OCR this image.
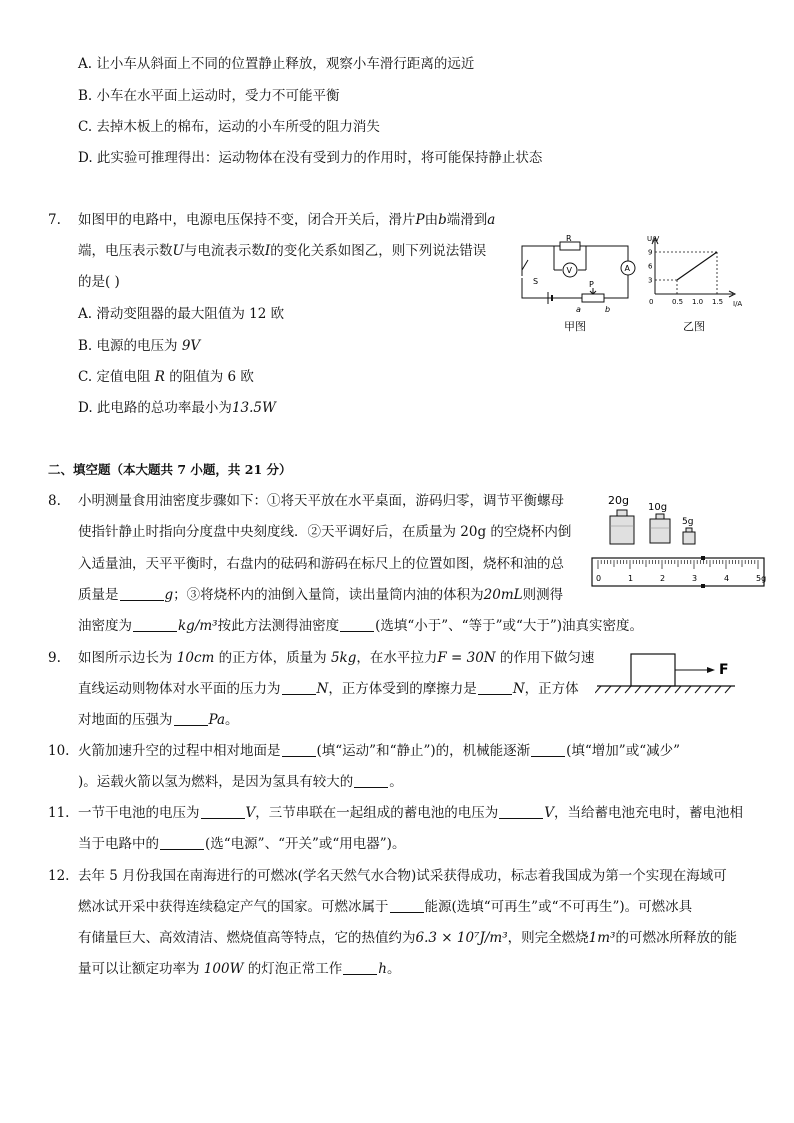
A. 让小车从斜面上不同的位置静止释放，观察小车滑行距离的远近
B. 小车在水平面上运动时，受力不可能平衡
C. 去掉木板上的棉布，运动的小车所受的阻力消失
D. 此实验可推理得出：运动物体在没有受到力的作用时，将可能保持静止状态
7. 如图甲的电路中，电源电压保持不变，闭合开关后，滑片P由b端滑到a
端，电压表示数U与电流表示数I的变化关系如图乙，则下列说法错误
的是( )
A. 滑动变阻器的最大阻值为 12 欧
B. 电源的电压为 9V
C. 定值电阻 R 的阻值为 6 欧
D. 此电路的总功率最小为13.5W
R
V	A
S	P
a	b
甲图
U/V
I/A
9
6
3
0	0.5 1.0 1.5
乙图
二、填空题（本大题共 7 小题，共 21 分）
8. 小明测量食用油密度步骤如下：①将天平放在水平桌面，游码归零，调节平衡螺母
使指针静止时指向分度盘中央刻度线．②天平调好后，在质量为 20g 的空烧杯内倒
入适量油，天平平衡时，右盘内的砝码和游码在标尺上的位置如图，烧杯和油的总
质量是	g；③将烧杯内的油倒入量筒，读出量筒内油的体积为20mL则测得
油密度为	kg/m³按此方法测得油密度	(选填“小于”、“等于”或“大于”)油真实密度。
20g
10g
5g
0	1	2	3	4	5g
9. 如图所示边长为 10cm 的正方体，质量为 5kg，在水平拉力F = 30N 的作用下做匀速
直线运动则物体对水平面的压力为	N，正方体受到的摩擦力是	N，正方体
对地面的压强为	Pa。
F
10. 火箭加速升空的过程中相对地面是	(填“运动”和“静止”)的，机械能逐渐	(填“增加”或“减少”
)。运载火箭以氢为燃料，是因为氢具有较大的	。
11. 一节干电池的电压为	V，三节串联在一起组成的蓄电池的电压为	V，当给蓄电池充电时，蓄电池相
当于电路中的	(选“电源”、“开关”或“用电器”)。
12. 去年 5 月份我国在南海进行的可燃冰(学名天然气水合物)试采获得成功，标志着我国成为第一个实现在海域可
燃冰试开采中获得连续稳定产气的国家。可燃冰属于	能源(选填“可再生”或“不可再生”)。可燃冰具
有储量巨大、高效清洁、燃烧值高等特点，它的热值约为6.3 × 10⁷J/m³，则完全燃烧1m³的可燃冰所释放的能
量可以让额定功率为 100W 的灯泡正常工作	h。
